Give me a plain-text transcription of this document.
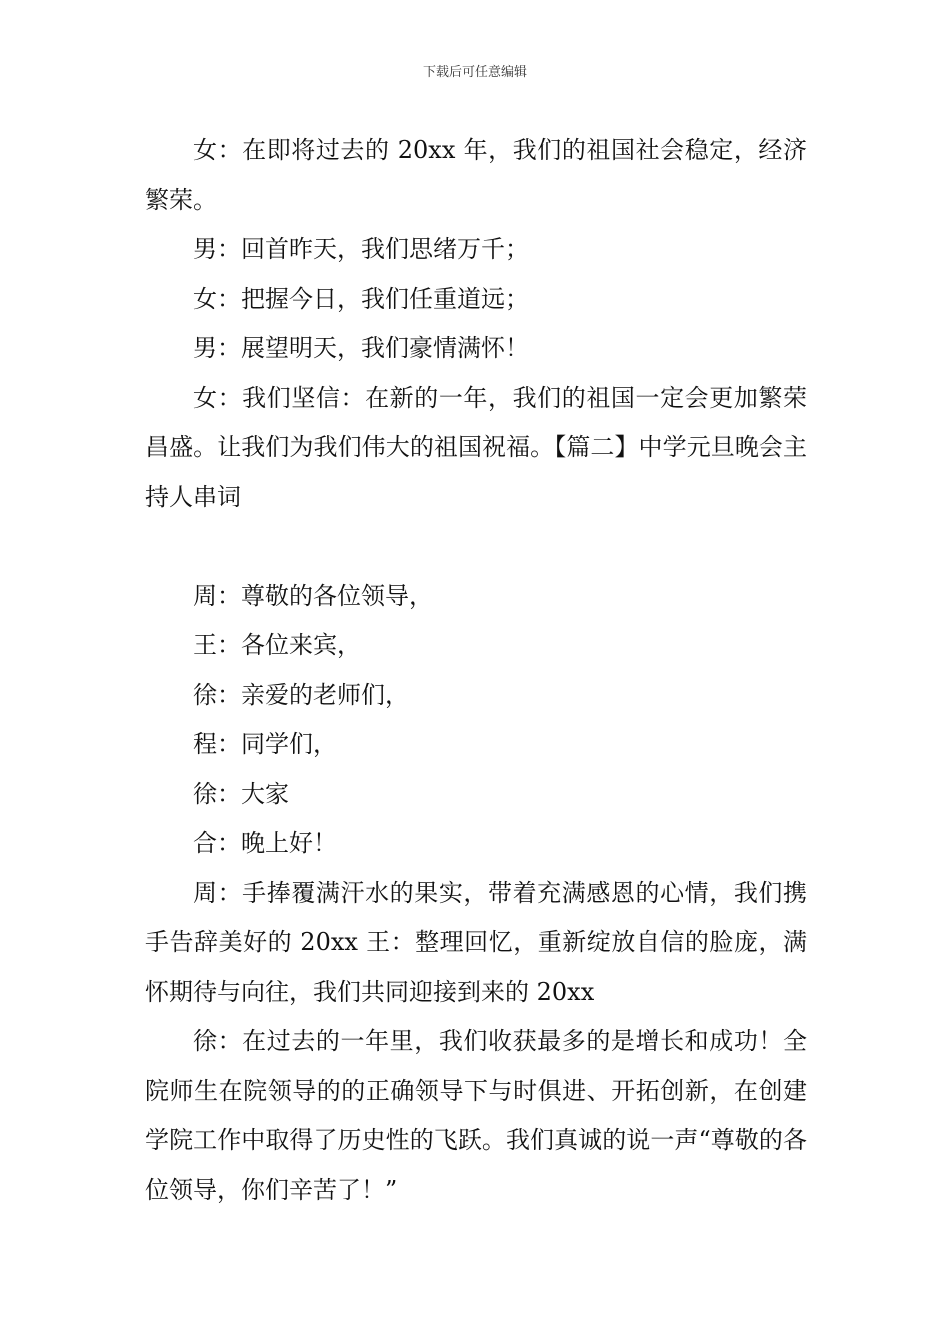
下载后可任意编辑

女：在即将过去的 20xx 年，我们的祖国社会稳定，经济繁荣。

男：回首昨天，我们思绪万千；

女：把握今日，我们任重道远；

男：展望明天，我们豪情满怀！

女：我们坚信：在新的一年，我们的祖国一定会更加繁荣昌盛。让我们为我们伟大的祖国祝福。【篇二】中学元旦晚会主持人串词

周：尊敬的各位领导，

王：各位来宾，

徐：亲爱的老师们，

程：同学们，

徐：大家

合：晚上好！

周：手捧覆满汗水的果实，带着充满感恩的心情，我们携手告辞美好的 20xx 王：整理回忆，重新绽放自信的脸庞，满怀期待与向往，我们共同迎接到来的 20xx

徐：在过去的一年里，我们收获最多的是增长和成功！全院师生在院领导的的正确领导下与时俱进、开拓创新，在创建学院工作中取得了历史性的飞跃。我们真诚的说一声“尊敬的各位领导，你们辛苦了！”
